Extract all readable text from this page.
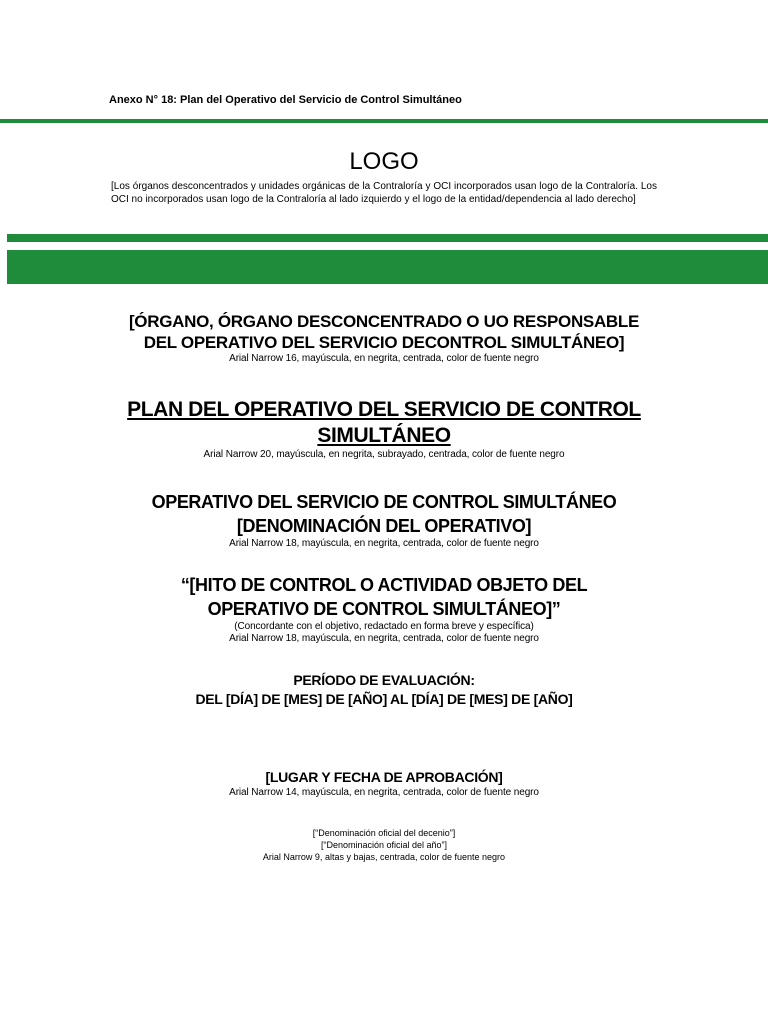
Anexo N° 18: Plan del Operativo del Servicio de Control Simultáneo
LOGO
[Los órganos desconcentrados y unidades orgánicas de la Contraloría y OCI incorporados usan logo de la Contraloría. Los OCI no incorporados usan logo de la Contraloría al lado izquierdo y el logo de la entidad/dependencia al lado derecho]
[ÓRGANO, ÓRGANO DESCONCENTRADO O UO RESPONSABLE
DEL OPERATIVO DEL SERVICIO DECONTROL SIMULTÁNEO]
Arial Narrow 16, mayúscula, en negrita, centrada, color de fuente negro
PLAN DEL OPERATIVO DEL SERVICIO DE CONTROL
SIMULTÁNEO
Arial Narrow 20, mayúscula, en negrita, subrayado, centrada, color de fuente negro
OPERATIVO DEL SERVICIO DE CONTROL SIMULTÁNEO
[DENOMINACIÓN DEL OPERATIVO]
Arial Narrow 18, mayúscula, en negrita, centrada, color de fuente negro
“[HITO DE CONTROL O ACTIVIDAD OBJETO DEL
OPERATIVO DE CONTROL SIMULTÁNEO]”
(Concordante con el objetivo, redactado en forma breve y específica)
Arial Narrow 18, mayúscula, en negrita, centrada, color de fuente negro
PERÍODO DE EVALUACIÓN:
DEL [DÍA] DE [MES] DE [AÑO] AL [DÍA] DE [MES] DE [AÑO]
[LUGAR Y FECHA DE APROBACIÓN]
Arial Narrow 14, mayúscula, en negrita, centrada, color de fuente negro
[“Denominación oficial del decenio”]
[“Denominación oficial del año”]
Arial Narrow 9, altas y bajas, centrada, color de fuente negro
